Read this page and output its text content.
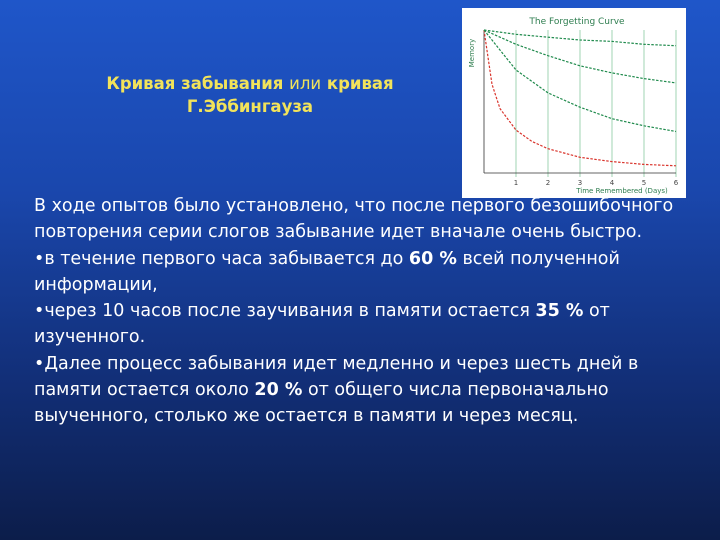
Кривая забывания или кривая
Г.Эббингауза
The Forgetting Curve
Memory
Time Remembered (Days)
1	2	3	4	5	6

В ходе опытов было установлено, что после первого безошибочного повторения серии слогов забывание идет вначале очень быстро.

•в течение первого часа забывается до 60 % всей полученной информации,

•через 10 часов после заучивания в памяти остается 35 % от изученного.

•Далее процесс забывания идет медленно и через шесть дней в памяти остается около 20 % от общего числа первоначально выученного, столько же остается в памяти и через месяц.
